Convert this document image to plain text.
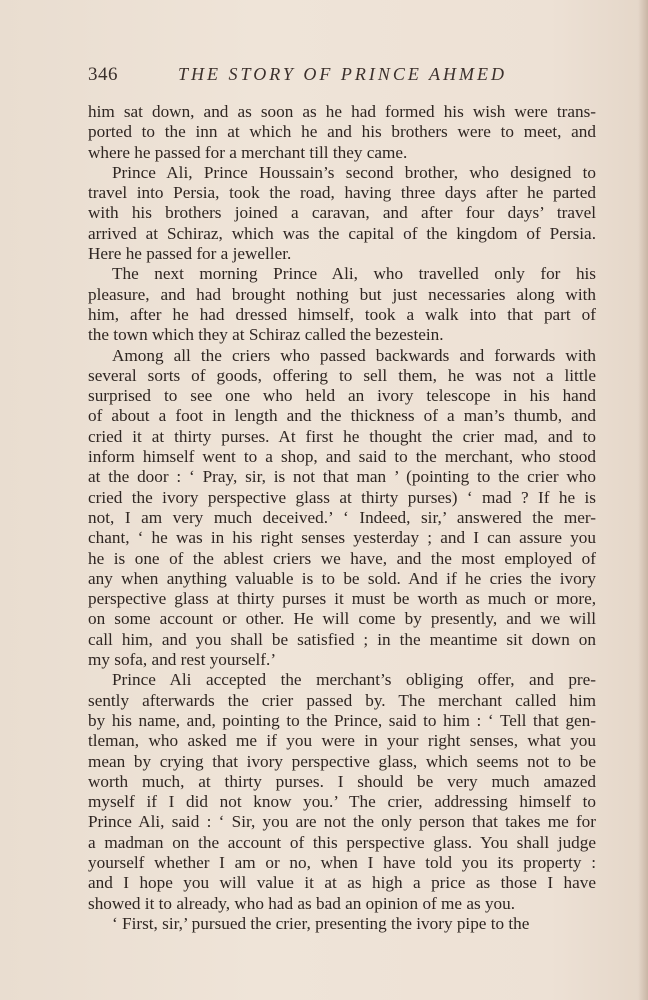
346	THE STORY OF PRINCE AHMED
him sat down, and as soon as he had formed his wish were trans-
ported to the inn at which he and his brothers were to meet, and
where he passed for a merchant till they came.
Prince Ali, Prince Houssain’s second brother, who designed to
travel into Persia, took the road, having three days after he parted
with his brothers joined a caravan, and after four days’ travel
arrived at Schiraz, which was the capital of the kingdom of Persia.
Here he passed for a jeweller.
The next morning Prince Ali, who travelled only for his
pleasure, and had brought nothing but just necessaries along with
him, after he had dressed himself, took a walk into that part of
the town which they at Schiraz called the bezestein.
Among all the criers who passed backwards and forwards with
several sorts of goods, offering to sell them, he was not a little
surprised to see one who held an ivory telescope in his hand
of about a foot in length and the thickness of a man’s thumb, and
cried it at thirty purses. At first he thought the crier mad, and to
inform himself went to a shop, and said to the merchant, who stood
at the door : ‘ Pray, sir, is not that man ’ (pointing to the crier who
cried the ivory perspective glass at thirty purses) ‘ mad ? If he is
not, I am very much deceived.’ ‘ Indeed, sir,’ answered the mer-
chant, ‘ he was in his right senses yesterday ; and I can assure you
he is one of the ablest criers we have, and the most employed of
any when anything valuable is to be sold. And if he cries the ivory
perspective glass at thirty purses it must be worth as much or more,
on some account or other. He will come by presently, and we will
call him, and you shall be satisfied ; in the meantime sit down on
my sofa, and rest yourself.’
Prince Ali accepted the merchant’s obliging offer, and pre-
sently afterwards the crier passed by. The merchant called him
by his name, and, pointing to the Prince, said to him : ‘ Tell that gen-
tleman, who asked me if you were in your right senses, what you
mean by crying that ivory perspective glass, which seems not to be
worth much, at thirty purses. I should be very much amazed
myself if I did not know you.’ The crier, addressing himself to
Prince Ali, said : ‘ Sir, you are not the only person that takes me for
a madman on the account of this perspective glass. You shall judge
yourself whether I am or no, when I have told you its property :
and I hope you will value it at as high a price as those I have
showed it to already, who had as bad an opinion of me as you.
‘ First, sir,’ pursued the crier, presenting the ivory pipe to the
